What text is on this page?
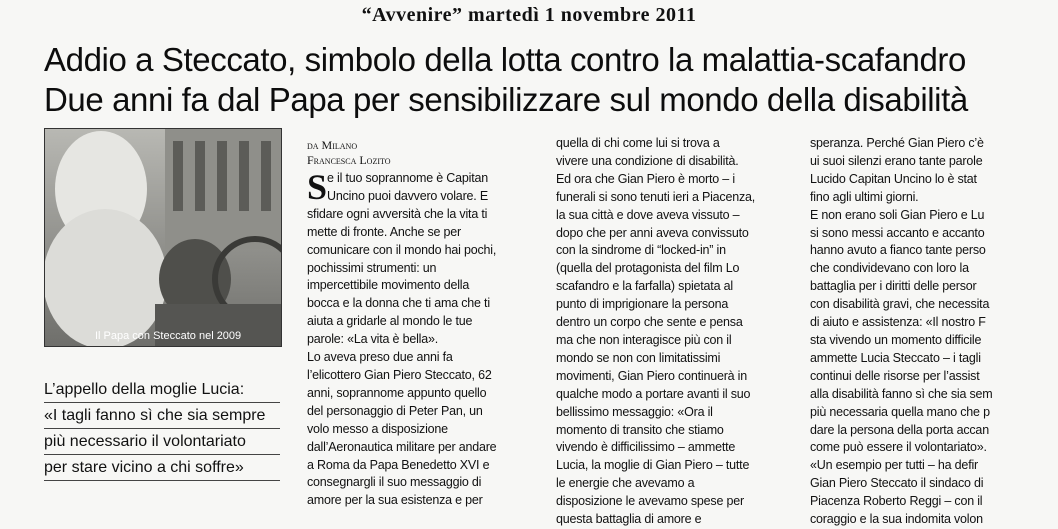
“Avvenire” martedì 1 novembre 2011
Addio a Steccato, simbolo della lotta contro la malattia-scafandro
Due anni fa dal Papa per sensibilizzare sul mondo della disabilità
Il Papa con Steccato nel 2009
L’appello della moglie Lucia:
«I tagli fanno sì che sia sempre
più necessario il volontariato
per stare vicino a chi soffre»
da Milano
Francesca Lozito
S e il tuo soprannome è Capitan
Uncino puoi davvero volare. E
sfidare ogni avversità che la vita ti
mette di fronte. Anche se per
comunicare con il mondo hai pochi,
pochissimi strumenti: un
impercettibile movimento della
bocca e la donna che ti ama che ti
aiuta a gridarle al mondo le tue
parole: «La vita è bella».
Lo aveva preso due anni fa
l’elicottero Gian Piero Steccato, 62
anni, soprannome appunto quello
del personaggio di Peter Pan, un
volo messo a disposizione
dall’Aeronautica militare per andare
a Roma da Papa Benedetto XVI e
consegnargli il suo messaggio di
amore per la sua esistenza e per
quella di chi come lui si trova a
vivere una condizione di disabilità.
Ed ora che Gian Piero è morto – i
funerali si sono tenuti ieri a Piacenza,
la sua città e dove aveva vissuto –
dopo che per anni aveva convissuto
con la sindrome di “locked-in” in
(quella del protagonista del film Lo
scafandro e la farfalla) spietata al
punto di imprigionare la persona
dentro un corpo che sente e pensa
ma che non interagisce più con il
mondo se non con limitatissimi
movimenti, Gian Piero continuerà in
qualche modo a portare avanti il suo
bellissimo messaggio: «Ora il
momento di transito che stiamo
vivendo è difficilissimo – ammette
Lucia, la moglie di Gian Piero – tutte
le energie che avevamo a
disposizione le avevamo spese per
questa battaglia di amore e
speranza. Perché Gian Piero c’è
ui suoi silenzi erano tante parole
Lucido Capitan Uncino lo è stat
fino agli ultimi giorni.
E non erano soli Gian Piero e Lu
si sono messi accanto e accanto
hanno avuto a fianco tante perso
che condividevano con loro la
battaglia per i diritti delle persor
con disabilità gravi, che necessita
di aiuto e assistenza: «Il nostro F
sta vivendo un momento difficile
ammette Lucia Steccato – i tagli
continui delle risorse per l’assist
alla disabilità fanno sì che sia sem
più necessaria quella mano che p
dare la persona della porta accan
come può essere il volontariato».
«Un esempio per tutti – ha defir
Gian Piero Steccato il sindaco di
Piacenza Roberto Reggi – con il
coraggio e la sua indomita volon
